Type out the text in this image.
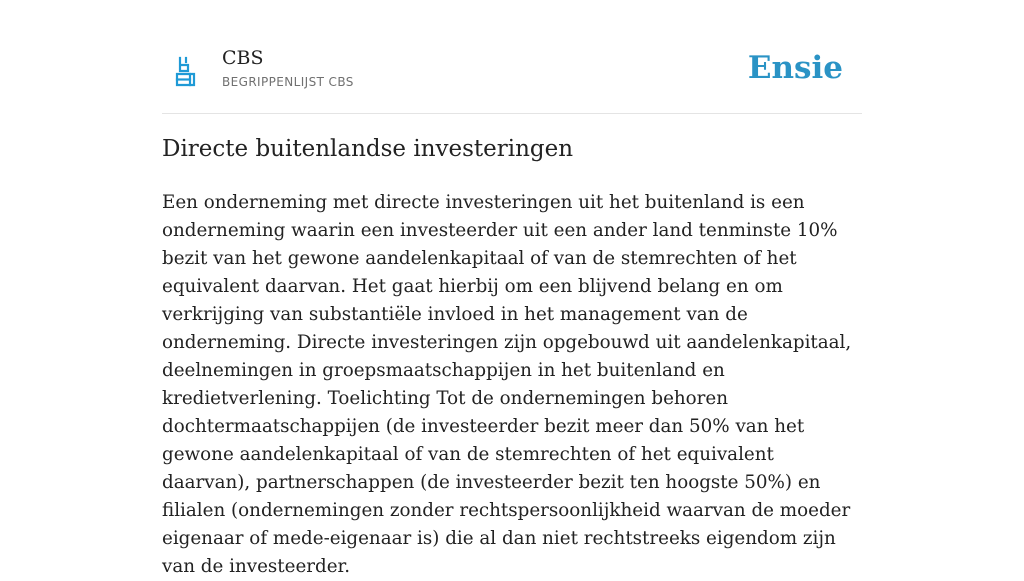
CBS
BEGRIPPENLIJST CBS	Ensie
Directe buitenlandse investeringen

Een onderneming met directe investeringen uit het buitenland is een onderneming waarin een investeerder uit een ander land tenminste 10% bezit van het gewone aandelenkapitaal of van de stemrechten of het equivalent daarvan. Het gaat hierbij om een blijvend belang en om verkrijging van substantiële invloed in het management van de onderneming. Directe investeringen zijn opgebouwd uit aandelenkapitaal, deelnemingen in groepsmaatschappijen in het buitenland en kredietverlening. Toelichting Tot de ondernemingen behoren dochtermaatschappijen (de investeerder bezit meer dan 50% van het gewone aandelenkapitaal of van de stemrechten of het equivalent daarvan), partnerschappen (de investeerder bezit ten hoogste 50%) en filialen (ondernemingen zonder rechtspersoonlijkheid waarvan de moeder eigenaar of mede-eigenaar is) die al dan niet rechtstreeks eigendom zijn van de investeerder.
